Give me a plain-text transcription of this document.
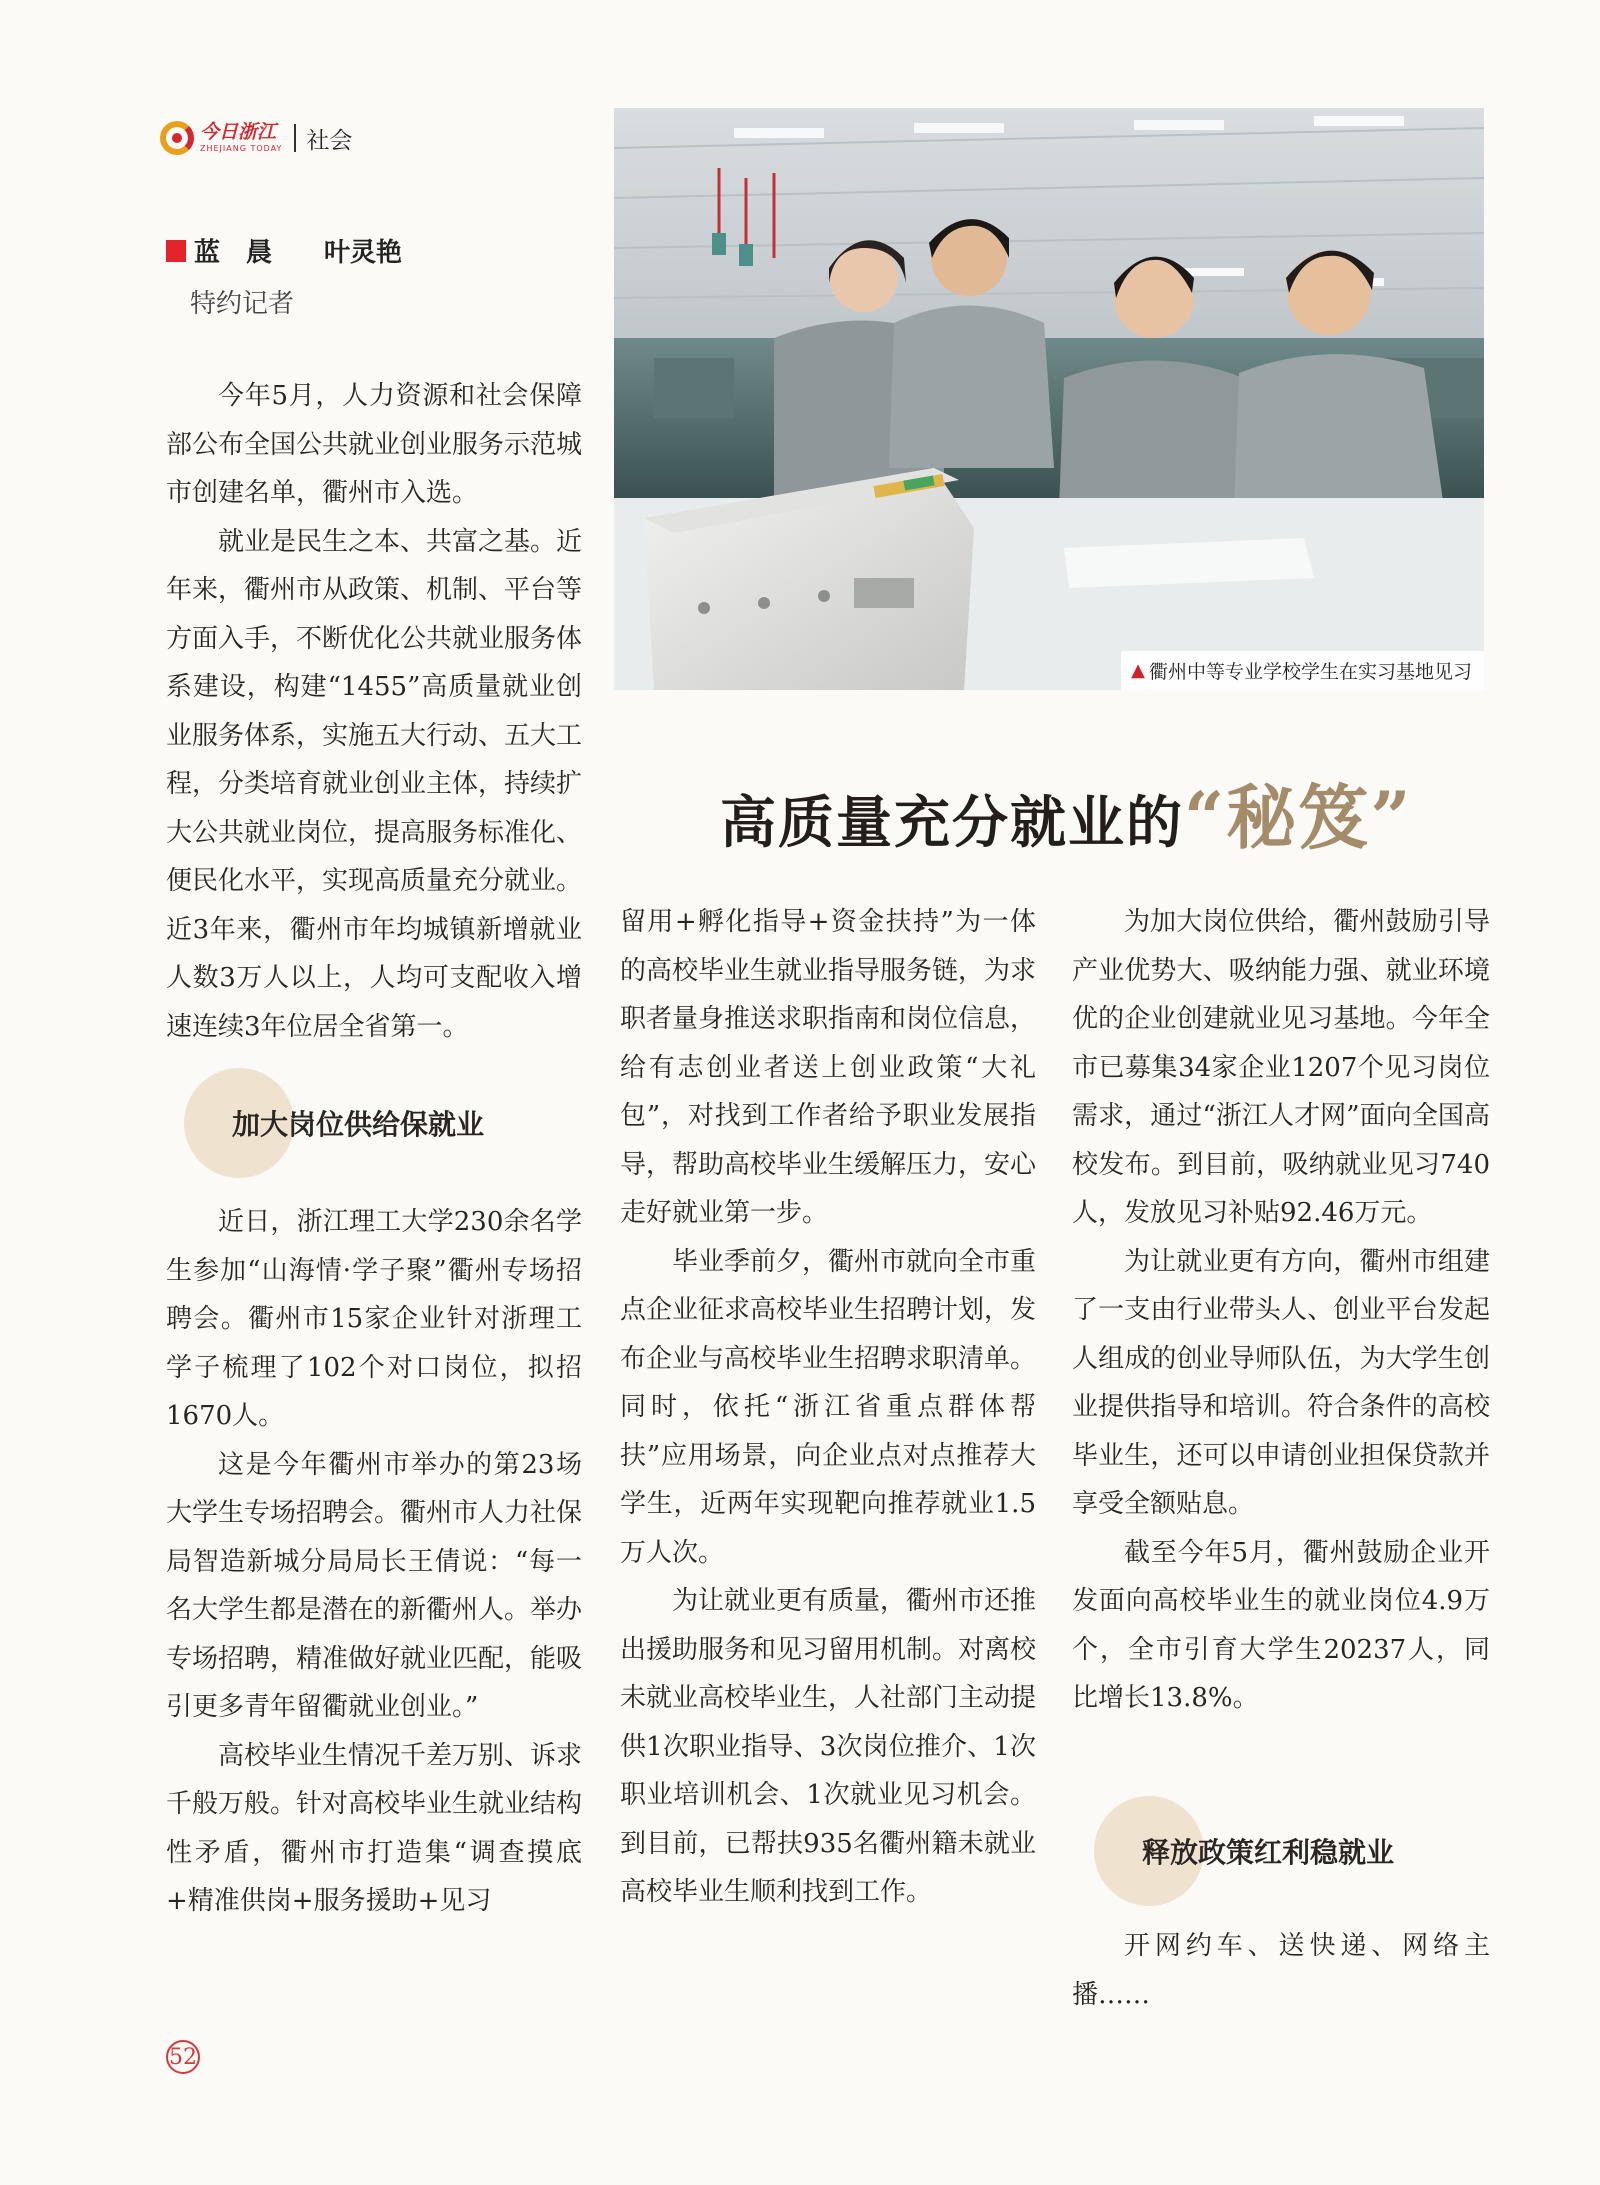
今日浙江
ZHEJIANG TODAY 社会
蓝　晨　　叶灵艳
特约记者
▲ 衢州中等专业学校学生在实习基地见习
高质量充分就业的“秘笈”

今年5月，人力资源和社会保障部公布全国公共就业创业服务示范城市创建名单，衢州市入选。

就业是民生之本、共富之基。近年来，衢州市从政策、机制、平台等方面入手，不断优化公共就业服务体系建设，构建“1455”高质量就业创业服务体系，实施五大行动、五大工程，分类培育就业创业主体，持续扩大公共就业岗位，提高服务标准化、便民化水平，实现高质量充分就业。近3年来，衢州市年均城镇新增就业人数3万人以上，人均可支配收入增速连续3年位居全省第一。

加大岗位供给保就业

近日，浙江理工大学230余名学生参加“山海情·学子聚”衢州专场招聘会。衢州市15家企业针对浙理工学子梳理了102个对口岗位，拟招1670人。

这是今年衢州市举办的第23场大学生专场招聘会。衢州市人力社保局智造新城分局局长王倩说：“每一名大学生都是潜在的新衢州人。举办专场招聘，精准做好就业匹配，能吸引更多青年留衢就业创业。”

高校毕业生情况千差万别、诉求千般万般。针对高校毕业生就业结构性矛盾，衢州市打造集“调查摸底+精准供岗+服务援助+见习

留用+孵化指导+资金扶持”为一体的高校毕业生就业指导服务链，为求职者量身推送求职指南和岗位信息，给有志创业者送上创业政策“大礼包”，对找到工作者给予职业发展指导，帮助高校毕业生缓解压力，安心走好就业第一步。

毕业季前夕，衢州市就向全市重点企业征求高校毕业生招聘计划，发布企业与高校毕业生招聘求职清单。同时，依托“浙江省重点群体帮扶”应用场景，向企业点对点推荐大学生，近两年实现靶向推荐就业1.5万人次。

为让就业更有质量，衢州市还推出援助服务和见习留用机制。对离校未就业高校毕业生，人社部门主动提供1次职业指导、3次岗位推介、1次职业培训机会、1次就业见习机会。到目前，已帮扶935名衢州籍未就业高校毕业生顺利找到工作。

为加大岗位供给，衢州鼓励引导产业优势大、吸纳能力强、就业环境优的企业创建就业见习基地。今年全市已募集34家企业1207个见习岗位需求，通过“浙江人才网”面向全国高校发布。到目前，吸纳就业见习740人，发放见习补贴92.46万元。

为让就业更有方向，衢州市组建了一支由行业带头人、创业平台发起人组成的创业导师队伍，为大学生创业提供指导和培训。符合条件的高校毕业生，还可以申请创业担保贷款并享受全额贴息。

截至今年5月，衢州鼓励企业开发面向高校毕业生的就业岗位4.9万个，全市引育大学生20237人，同比增长13.8%。

释放政策红利稳就业

开网约车、送快递、网络主播……

52
